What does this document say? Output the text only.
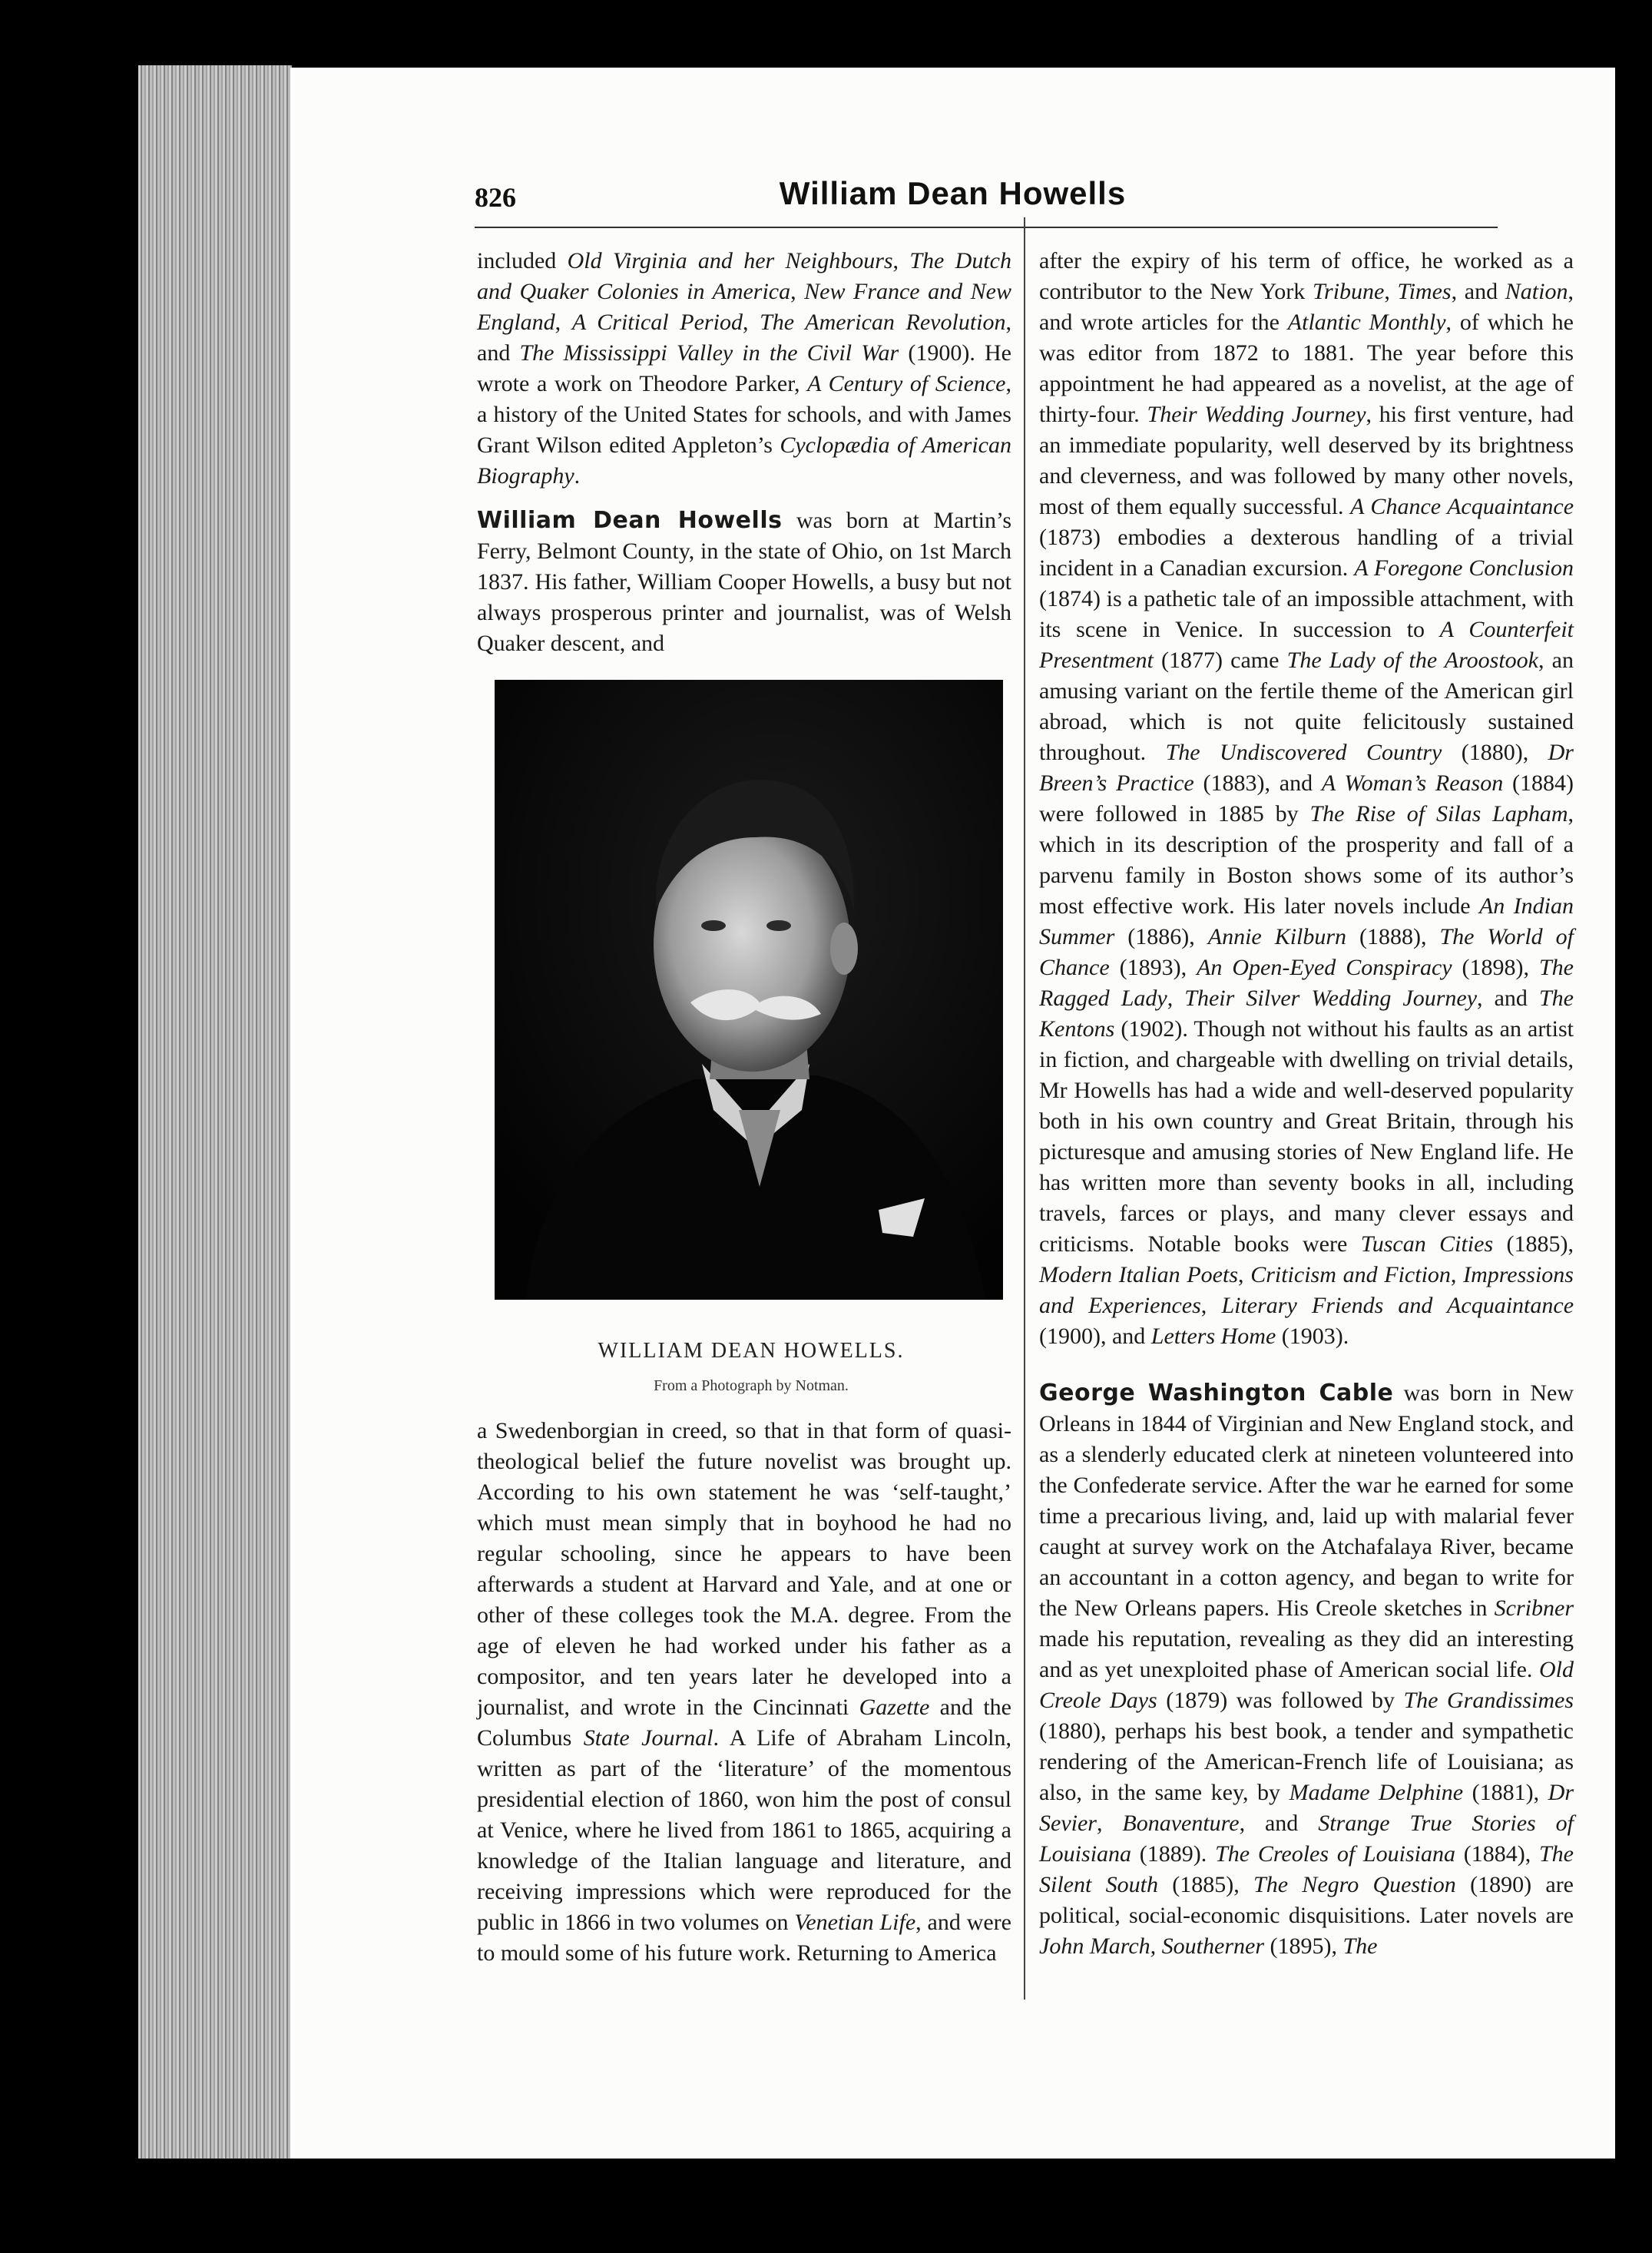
826	William Dean Howells

included Old Virginia and her Neighbours, The Dutch and Quaker Colonies in America, New France and New England, A Critical Period, The American Revolution, and The Mississippi Valley in the Civil War (1900). He wrote a work on Theodore Parker, A Century of Science, a history of the United States for schools, and with James Grant Wilson edited Appleton’s Cyclopædia of American Biography.

William Dean Howells was born at Martin’s Ferry, Belmont County, in the state of Ohio, on 1st March 1837. His father, William Cooper Howells, a busy but not always prosperous printer and journalist, was of Welsh Quaker descent, and

WILLIAM DEAN HOWELLS.
From a Photograph by Notman.

a Swedenborgian in creed, so that in that form of quasi-theological belief the future novelist was brought up. According to his own statement he was ‘self-taught,’ which must mean simply that in boyhood he had no regular schooling, since he appears to have been afterwards a student at Harvard and Yale, and at one or other of these colleges took the M.A. degree. From the age of eleven he had worked under his father as a compositor, and ten years later he developed into a journalist, and wrote in the Cincinnati Gazette and the Columbus State Journal. A Life of Abraham Lincoln, written as part of the ‘literature’ of the momentous presidential election of 1860, won him the post of consul at Venice, where he lived from 1861 to 1865, acquiring a knowledge of the Italian language and literature, and receiving impressions which were reproduced for the public in 1866 in two volumes on Venetian Life, and were to mould some of his future work. Returning to America

after the expiry of his term of office, he worked as a contributor to the New York Tribune, Times, and Nation, and wrote articles for the Atlantic Monthly, of which he was editor from 1872 to 1881. The year before this appointment he had appeared as a novelist, at the age of thirty-four. Their Wedding Journey, his first venture, had an immediate popularity, well deserved by its brightness and cleverness, and was followed by many other novels, most of them equally successful. A Chance Acquaintance (1873) embodies a dexterous handling of a trivial incident in a Canadian excursion. A Foregone Conclusion (1874) is a pathetic tale of an impossible attachment, with its scene in Venice. In succession to A Counterfeit Presentment (1877) came The Lady of the Aroostook, an amusing variant on the fertile theme of the American girl abroad, which is not quite felicitously sustained throughout. The Undiscovered Country (1880), Dr Breen’s Practice (1883), and A Woman’s Reason (1884) were followed in 1885 by The Rise of Silas Lapham, which in its description of the prosperity and fall of a parvenu family in Boston shows some of its author’s most effective work. His later novels include An Indian Summer (1886), Annie Kilburn (1888), The World of Chance (1893), An Open-Eyed Conspiracy (1898), The Ragged Lady, Their Silver Wedding Journey, and The Kentons (1902). Though not without his faults as an artist in fiction, and chargeable with dwelling on trivial details, Mr Howells has had a wide and well-deserved popularity both in his own country and Great Britain, through his picturesque and amusing stories of New England life. He has written more than seventy books in all, including travels, farces or plays, and many clever essays and criticisms. Notable books were Tuscan Cities (1885), Modern Italian Poets, Criticism and Fiction, Impressions and Experiences, Literary Friends and Acquaintance (1900), and Letters Home (1903).

George Washington Cable was born in New Orleans in 1844 of Virginian and New England stock, and as a slenderly educated clerk at nineteen volunteered into the Confederate service. After the war he earned for some time a precarious living, and, laid up with malarial fever caught at survey work on the Atchafalaya River, became an accountant in a cotton agency, and began to write for the New Orleans papers. His Creole sketches in Scribner made his reputation, revealing as they did an interesting and as yet unexploited phase of American social life. Old Creole Days (1879) was followed by The Grandissimes (1880), perhaps his best book, a tender and sympathetic rendering of the American-French life of Louisiana; as also, in the same key, by Madame Delphine (1881), Dr Sevier, Bonaventure, and Strange True Stories of Louisiana (1889). The Creoles of Louisiana (1884), The Silent South (1885), The Negro Question (1890) are political, social-economic disquisitions. Later novels are John March, Southerner (1895), The
